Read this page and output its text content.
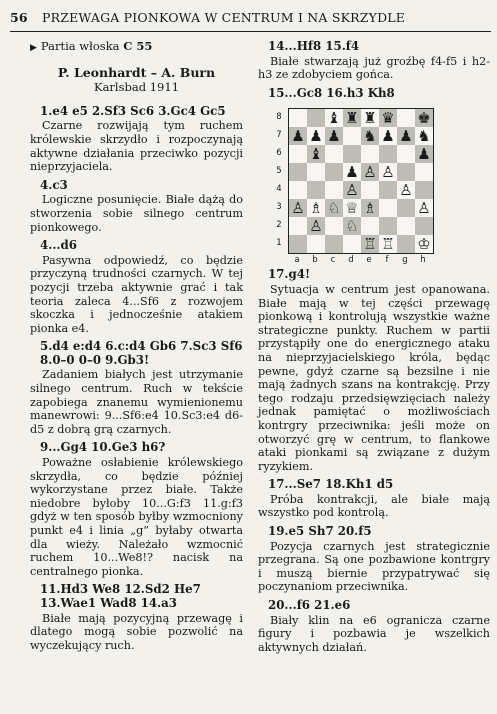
56 PRZEWAGA PIONKOWA W CENTRUM I NA SKRZYDLE
▶ Partia włoska C 55
P. Leonhardt – A. Burn
Karlsbad 1911
1.e4 e5 2.Sf3 Sc6 3.Gc4 Gc5

Czarne rozwijają tym ruchem królewskie skrzydło i rozpoczynają aktywne działania przeciwko pozycji nieprzyjaciela.

4.c3

Logiczne posunięcie. Białe dążą do stworzenia sobie silnego centrum pionkowego.

4...d6

Pasywna odpowiedź, co będzie przyczyną trudności czarnych. W tej pozycji trzeba aktywnie grać i tak teoria zaleca 4...Sf6 z rozwojem skoczka i jednocześnie atakiem pionka e4.

5.d4 e:d4 6.c:d4 Gb6 7.Sc3 Sf6 8.0–0 0–0 9.Gb3!

Zadaniem białych jest utrzymanie silnego centrum. Ruch w tekście zapobiega znanemu wymienionemu manewrowi: 9...Sf6:e4 10.Sc3:e4 d6-d5 z dobrą grą czarnych.

9...Gg4 10.Ge3 h6?

Poważne osłabienie królewskiego skrzydła, co będzie później wykorzystane przez białe. Także niedobre byłoby 10...G:f3 11.g:f3 gdyż w ten sposób byłby wzmocniony punkt e4 i linia „g” byłaby otwarta dla wieży. Należało wzmocnić ruchem 10...We8!? nacisk na centralnego pionka.

11.Hd3 We8 12.Sd2 He7 13.Wae1 Wad8 14.a3

Białe mają pozycyjną przewagę i dlatego mogą sobie pozwolić na wyczekujący ruch.

14...Hf8 15.f4

Białe stwarzają już groźbę f4-f5 i h2-h3 ze zdobyciem gońca.

15...Gc8 16.h3 Kh8
8
7
6
5
4
3
2
1
♝ ♜ ♜ ♛ ♚
♟ ♟ ♟ ♞ ♟ ♟ ♞
♝	♟
♟ ♙ ♙
♙	♙
♙ ♗ ♘ ♕ ♗	♙
♙ ♘
♖ ♖ ♔
a	b	c	d	e	f	g	h
17.g4!

Sytuacja w centrum jest opanowana. Białe mają w tej części przewagę pionkową i kontrolują wszystkie ważne strategiczne punkty. Ruchem w partii przystąpiły one do energicznego ataku na nieprzyjacielskiego króla, będąc pewne, gdyż czarne są bezsilne i nie mają żadnych szans na kontrakcję. Przy tego rodzaju przedsięwzięciach należy jednak pamiętać o możliwościach kontrgry przeciwnika: jeśli może on otworzyć grę w centrum, to flankowe ataki pionkami są związane z dużym ryzykiem.

17...Se7 18.Kh1 d5

Próba kontrakcji, ale białe mają wszystko pod kontrolą.

19.e5 Sh7 20.f5

Pozycja czarnych jest strategicznie przegrana. Są one pozbawione kontrgry i muszą biernie przypatrywać się poczynaniom przeciwnika.

20...f6 21.e6

Biały klin na e6 ogranicza czarne figury i pozbawia je wszelkich aktywnych działań.
